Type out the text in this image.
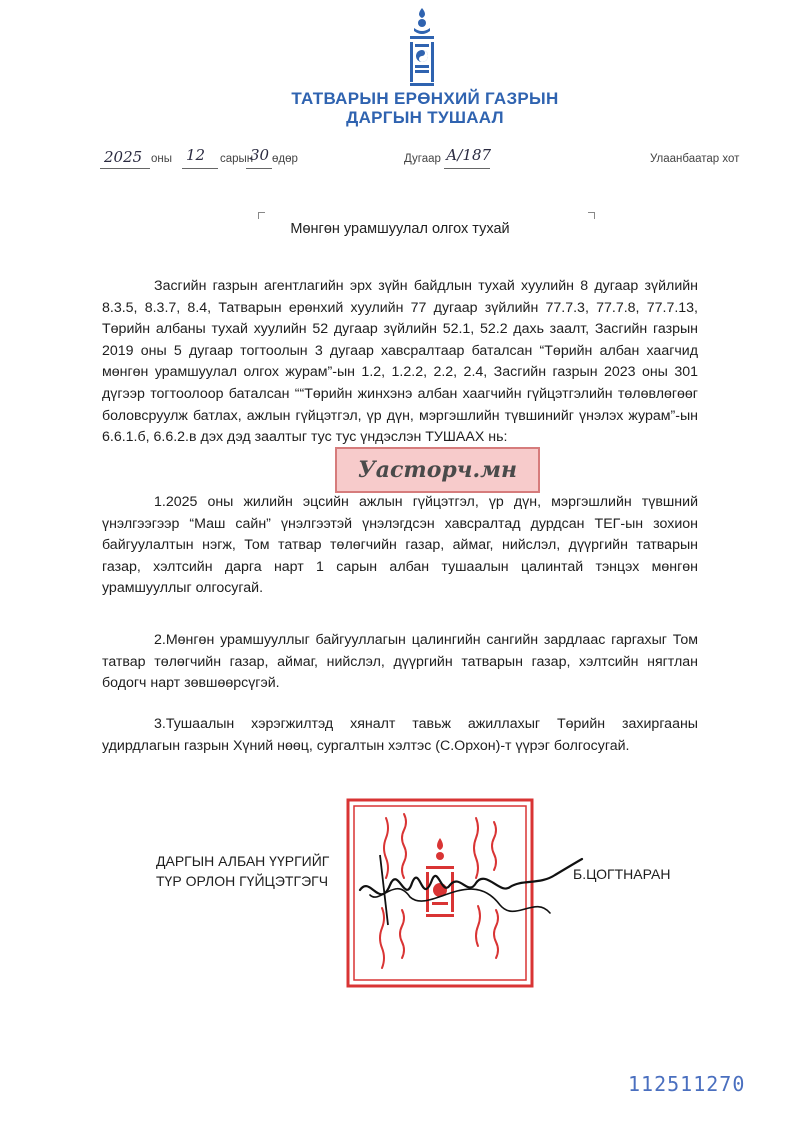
ТАТВАРЫН ЕРӨНХИЙ ГАЗРЫН
ДАРГЫН ТУШААЛ
2025 оны 12 сарын
30 өдөр	Дугаар А/187	Улаанбаатар хот
Мөнгөн урамшуулал олгох тухай

Засгийн газрын агентлагийн эрх зүйн байдлын тухай хуулийн 8 дугаар зүйлийн 8.3.5, 8.3.7, 8.4, Татварын ерөнхий хуулийн 77 дугаар зүйлийн 77.7.3, 77.7.8, 77.7.13, Төрийн албаны тухай хуулийн 52 дугаар зүйлийн 52.1, 52.2 дахь заалт, Засгийн газрын 2019 оны 5 дугаар тогтоолын 3 дугаар хавсралтаар баталсан “Төрийн албан хаагчид мөнгөн урамшуулал олгох журам”-ын 1.2, 1.2.2, 2.2, 2.4, Засгийн газрын 2023 оны 301 дүгээр тогтоолоор баталсан ““Төрийн жинхэнэ албан хаагчийн гүйцэтгэлийн төлөвлөгөөг боловсруулж батлах, ажлын гүйцэтгэл, үр дүн, мэргэшлийн түвшинийг үнэлэх журам”-ын 6.6.1.б, 6.6.2.в дэх дэд заалтыг тус тус үндэслэн ТУШААХ нь:

1.2025 оны жилийн эцсийн ажлын гүйцэтгэл, үр дүн, мэргэшлийн түвшний үнэлгээгээр “Маш сайн” үнэлгээтэй үнэлэгдсэн хавсралтад дурдсан ТЕГ-ын зохион байгуулалтын нэгж, Том татвар төлөгчийн газар, аймаг, нийслэл, дүүргийн татварын газар, хэлтсийн дарга нарт 1 сарын албан тушаалын цалинтай тэнцэх мөнгөн урамшууллыг олгосугай.

2.Мөнгөн урамшууллыг байгууллагын цалингийн сангийн зардлаас гаргахыг Том татвар төлөгчийн газар, аймаг, нийслэл, дүүргийн татварын газар, хэлтсийн нягтлан бодогч нарт зөвшөөрсүгэй.

3.Тушаалын хэрэгжилтэд хяналт тавьж ажиллахыг Төрийн захиргааны удирдлагын газрын Хүний нөөц, сургалтын хэлтэс (С.Орхон)-т үүрэг болгосугай.

Уаcторч.мн
ДАРГЫН АЛБАН ҮҮРГИЙГ
ТҮР ОРЛОН ГҮЙЦЭТГЭГЧ	Б.ЦОГТНАРАН
112511270
